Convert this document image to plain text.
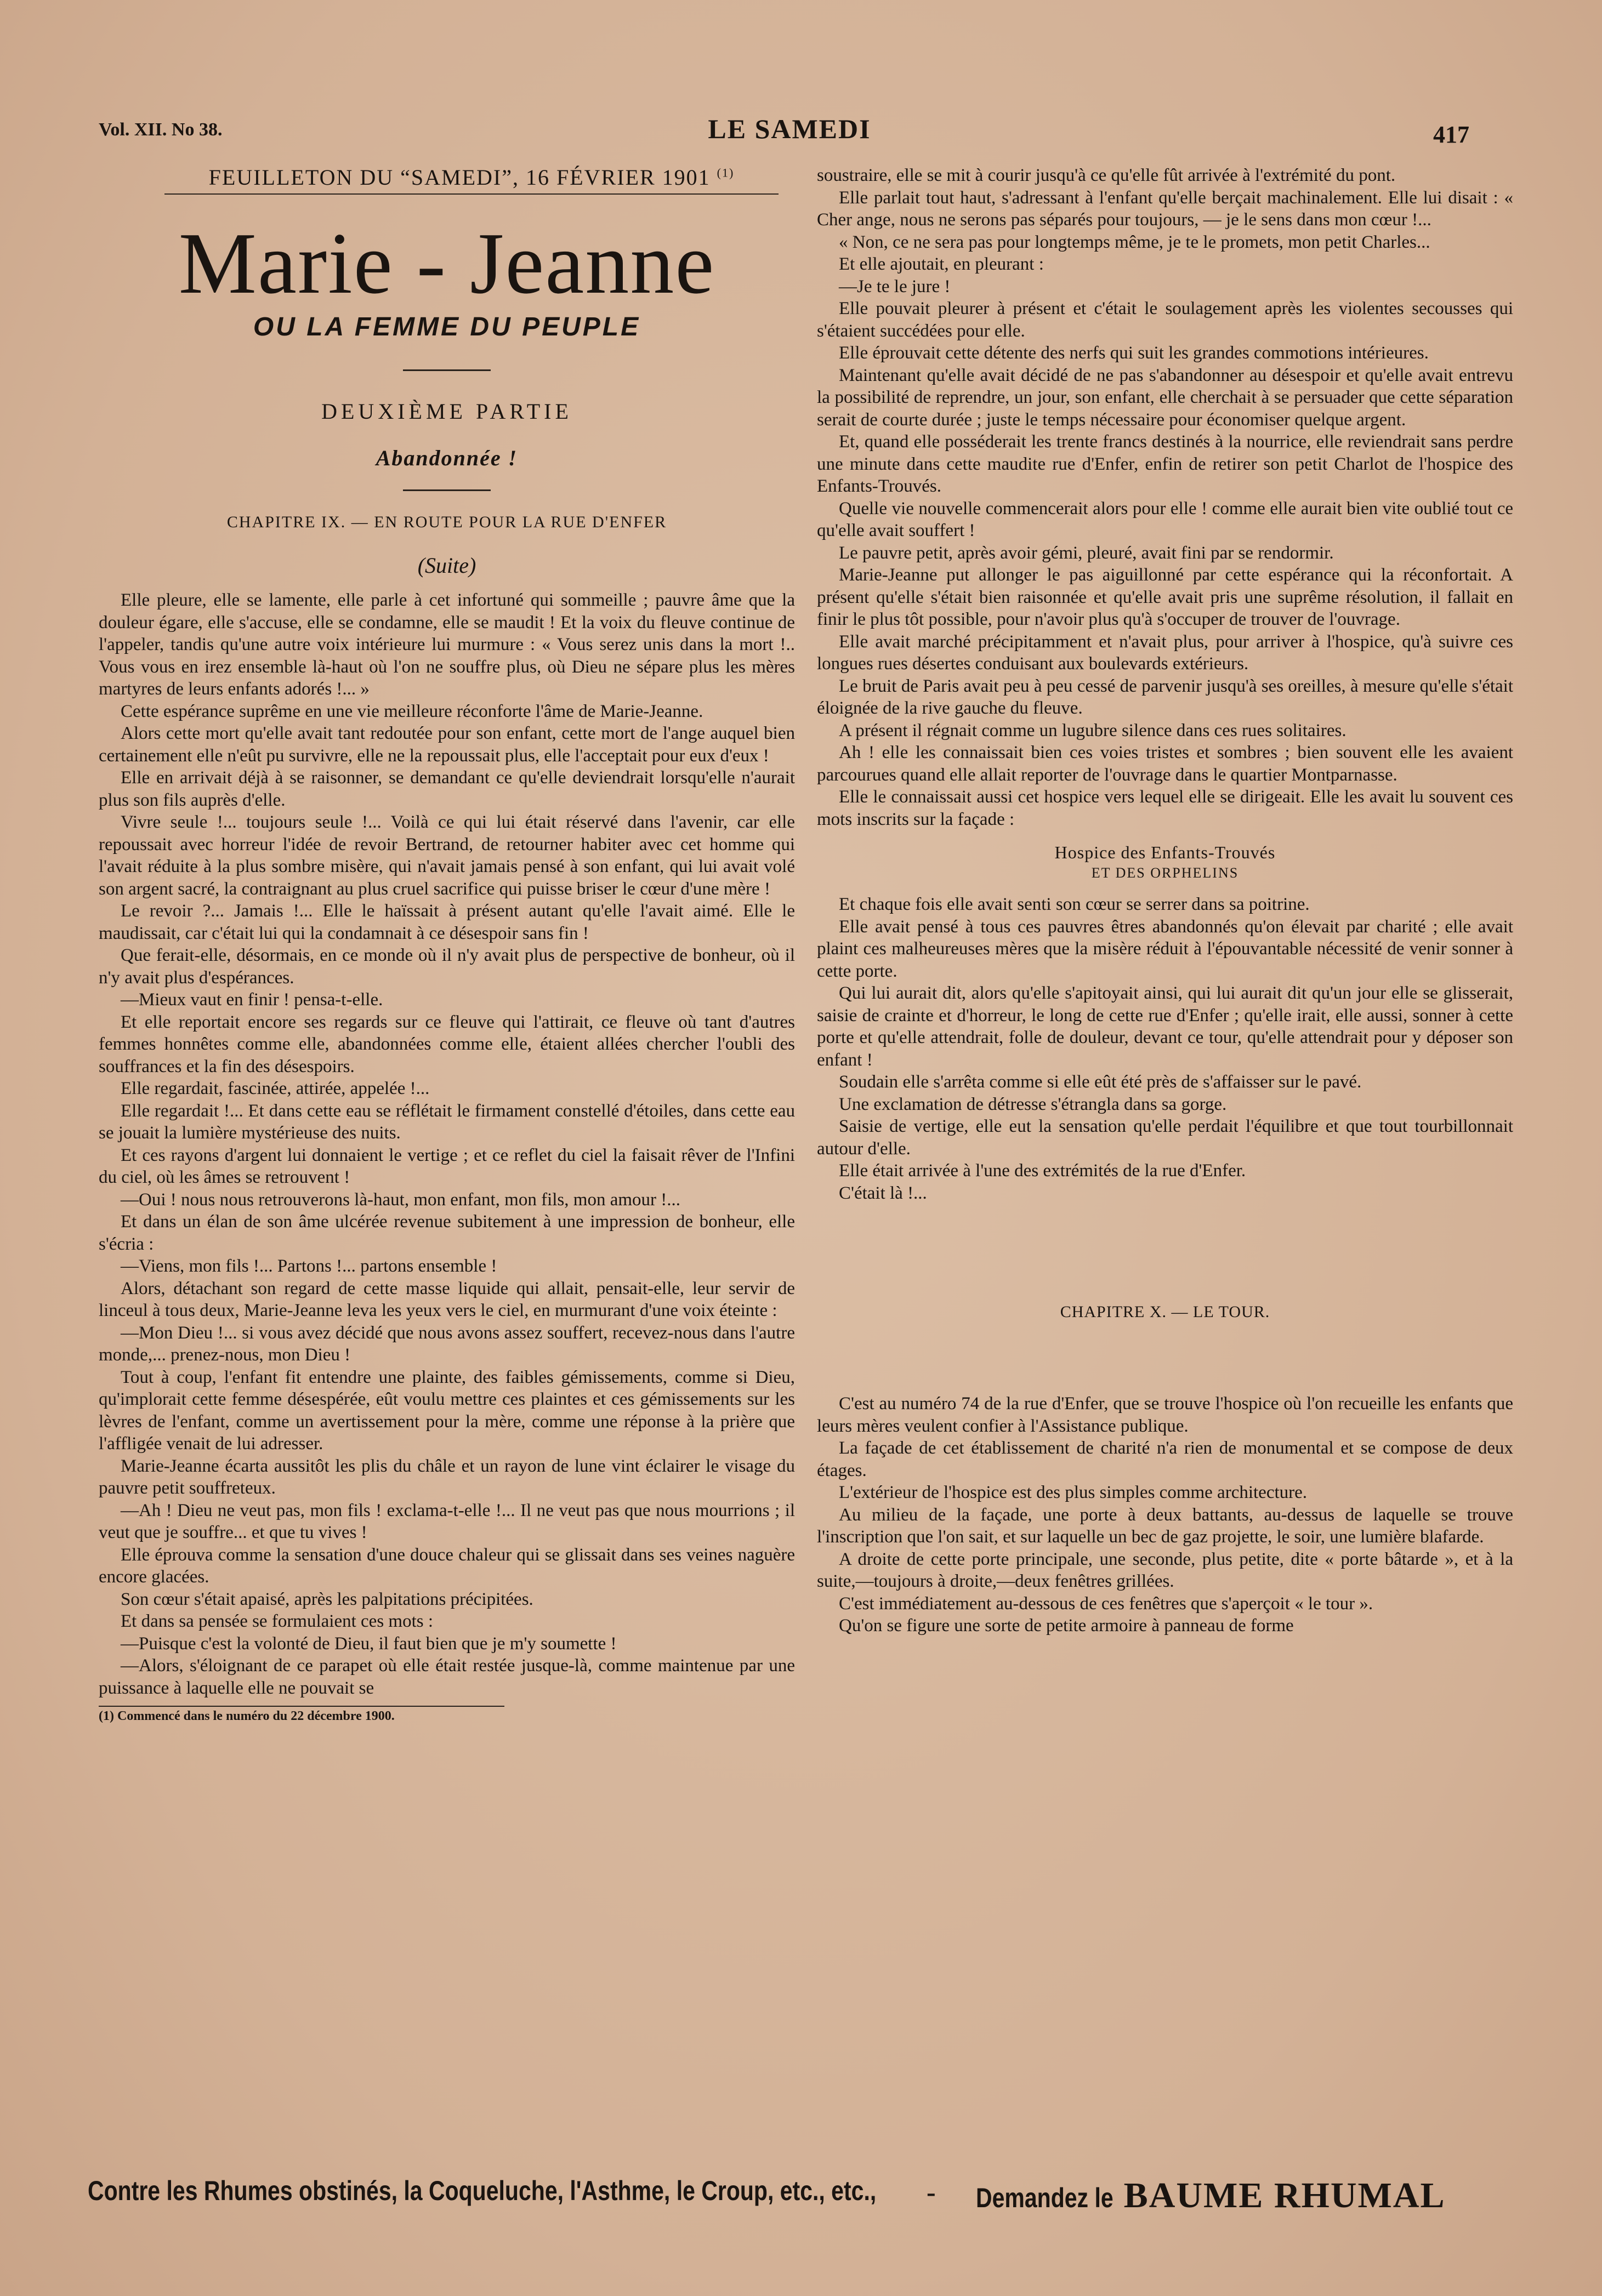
Vol. XII. No 38.	LE SAMEDI	417
FEUILLETON DU “SAMEDI”, 16 FÉVRIER 1901 $^{(1)}$
Marie - Jeanne
OU LA FEMME DU PEUPLE
DEUXIÈME PARTIE
Abandonnée !
CHAPITRE IX. — EN ROUTE POUR LA RUE D'ENFER
(Suite)

Elle pleure, elle se lamente, elle parle à cet infortuné qui sommeille ; pauvre âme que la douleur égare, elle s'accuse, elle se condamne, elle se maudit ! Et la voix du fleuve continue de l'appeler, tandis qu'une autre voix intérieure lui murmure : « Vous serez unis dans la mort !.. Vous vous en irez ensemble là-haut où l'on ne souffre plus, où Dieu ne sépare plus les mères martyres de leurs enfants adorés !... »

Cette espérance suprême en une vie meilleure réconforte l'âme de Marie-Jeanne.

Alors cette mort qu'elle avait tant redoutée pour son enfant, cette mort de l'ange auquel bien certainement elle n'eût pu survivre, elle ne la repoussait plus, elle l'acceptait pour eux d'eux !

Elle en arrivait déjà à se raisonner, se demandant ce qu'elle deviendrait lorsqu'elle n'aurait plus son fils auprès d'elle.

Vivre seule !... toujours seule !... Voilà ce qui lui était réservé dans l'avenir, car elle repoussait avec horreur l'idée de revoir Bertrand, de retourner habiter avec cet homme qui l'avait réduite à la plus sombre misère, qui n'avait jamais pensé à son enfant, qui lui avait volé son argent sacré, la contraignant au plus cruel sacrifice qui puisse briser le cœur d'une mère !

Le revoir ?... Jamais !... Elle le haïssait à présent autant qu'elle l'avait aimé. Elle le maudissait, car c'était lui qui la condamnait à ce désespoir sans fin !

Que ferait-elle, désormais, en ce monde où il n'y avait plus de perspective de bonheur, où il n'y avait plus d'espérances.

—Mieux vaut en finir ! pensa-t-elle.

Et elle reportait encore ses regards sur ce fleuve qui l'attirait, ce fleuve où tant d'autres femmes honnêtes comme elle, abandonnées comme elle, étaient allées chercher l'oubli des souffrances et la fin des désespoirs.

Elle regardait, fascinée, attirée, appelée !...

Elle regardait !... Et dans cette eau se réflétait le firmament constellé d'étoiles, dans cette eau se jouait la lumière mystérieuse des nuits.

Et ces rayons d'argent lui donnaient le vertige ; et ce reflet du ciel la faisait rêver de l'Infini du ciel, où les âmes se retrouvent !

—Oui ! nous nous retrouverons là-haut, mon enfant, mon fils, mon amour !...

Et dans un élan de son âme ulcérée revenue subitement à une impression de bonheur, elle s'écria :

—Viens, mon fils !... Partons !... partons ensemble !

Alors, détachant son regard de cette masse liquide qui allait, pensait-elle, leur servir de linceul à tous deux, Marie-Jeanne leva les yeux vers le ciel, en murmurant d'une voix éteinte :

—Mon Dieu !... si vous avez décidé que nous avons assez souffert, recevez-nous dans l'autre monde,... prenez-nous, mon Dieu !

Tout à coup, l'enfant fit entendre une plainte, des faibles gémissements, comme si Dieu, qu'implorait cette femme désespérée, eût voulu mettre ces plaintes et ces gémissements sur les lèvres de l'enfant, comme un avertissement pour la mère, comme une réponse à la prière que l'affligée venait de lui adresser.

Marie-Jeanne écarta aussitôt les plis du châle et un rayon de lune vint éclairer le visage du pauvre petit souffreteux.

—Ah ! Dieu ne veut pas, mon fils ! exclama-t-elle !... Il ne veut pas que nous mourrions ; il veut que je souffre... et que tu vives !

Elle éprouva comme la sensation d'une douce chaleur qui se glissait dans ses veines naguère encore glacées.

Son cœur s'était apaisé, après les palpitations précipitées.

Et dans sa pensée se formulaient ces mots :

—Puisque c'est la volonté de Dieu, il faut bien que je m'y soumette !

—Alors, s'éloignant de ce parapet où elle était restée jusque-là, comme maintenue par une puissance à laquelle elle ne pouvait se

(1) Commencé dans le numéro du 22 décembre 1900.

soustraire, elle se mit à courir jusqu'à ce qu'elle fût arrivée à l'extrémité du pont.

Elle parlait tout haut, s'adressant à l'enfant qu'elle berçait machinalement. Elle lui disait : « Cher ange, nous ne serons pas séparés pour toujours, — je le sens dans mon cœur !...

« Non, ce ne sera pas pour longtemps même, je te le promets, mon petit Charles...

Et elle ajoutait, en pleurant :

—Je te le jure !

Elle pouvait pleurer à présent et c'était le soulagement après les violentes secousses qui s'étaient succédées pour elle.

Elle éprouvait cette détente des nerfs qui suit les grandes commotions intérieures.

Maintenant qu'elle avait décidé de ne pas s'abandonner au désespoir et qu'elle avait entrevu la possibilité de reprendre, un jour, son enfant, elle cherchait à se persuader que cette séparation serait de courte durée ; juste le temps nécessaire pour économiser quelque argent.

Et, quand elle posséderait les trente francs destinés à la nourrice, elle reviendrait sans perdre une minute dans cette maudite rue d'Enfer, enfin de retirer son petit Charlot de l'hospice des Enfants-Trouvés.

Quelle vie nouvelle commencerait alors pour elle ! comme elle aurait bien vite oublié tout ce qu'elle avait souffert !

Le pauvre petit, après avoir gémi, pleuré, avait fini par se rendormir.

Marie-Jeanne put allonger le pas aiguillonné par cette espérance qui la réconfortait. A présent qu'elle s'était bien raisonnée et qu'elle avait pris une suprême résolution, il fallait en finir le plus tôt possible, pour n'avoir plus qu'à s'occuper de trouver de l'ouvrage.

Elle avait marché précipitamment et n'avait plus, pour arriver à l'hospice, qu'à suivre ces longues rues désertes conduisant aux boulevards extérieurs.

Le bruit de Paris avait peu à peu cessé de parvenir jusqu'à ses oreilles, à mesure qu'elle s'était éloignée de la rive gauche du fleuve.

A présent il régnait comme un lugubre silence dans ces rues solitaires.

Ah ! elle les connaissait bien ces voies tristes et sombres ; bien souvent elle les avaient parcourues quand elle allait reporter de l'ouvrage dans le quartier Montparnasse.

Elle le connaissait aussi cet hospice vers lequel elle se dirigeait. Elle les avait lu souvent ces mots inscrits sur la façade :

Hospice des Enfants-Trouvés
ET DES ORPHELINS

Et chaque fois elle avait senti son cœur se serrer dans sa poitrine.

Elle avait pensé à tous ces pauvres êtres abandonnés qu'on élevait par charité ; elle avait plaint ces malheureuses mères que la misère réduit à l'épouvantable nécessité de venir sonner à cette porte.

Qui lui aurait dit, alors qu'elle s'apitoyait ainsi, qui lui aurait dit qu'un jour elle se glisserait, saisie de crainte et d'horreur, le long de cette rue d'Enfer ; qu'elle irait, elle aussi, sonner à cette porte et qu'elle attendrait, folle de douleur, devant ce tour, qu'elle attendrait pour y déposer son enfant !

Soudain elle s'arrêta comme si elle eût été près de s'affaisser sur le pavé.

Une exclamation de détresse s'étrangla dans sa gorge.

Saisie de vertige, elle eut la sensation qu'elle perdait l'équilibre et que tout tourbillonnait autour d'elle.

Elle était arrivée à l'une des extrémités de la rue d'Enfer.

C'était là !...

CHAPITRE X. — LE TOUR.

C'est au numéro 74 de la rue d'Enfer, que se trouve l'hospice où l'on recueille les enfants que leurs mères veulent confier à l'Assistance publique.

La façade de cet établissement de charité n'a rien de monumental et se compose de deux étages.

L'extérieur de l'hospice est des plus simples comme architecture.

Au milieu de la façade, une porte à deux battants, au-dessus de laquelle se trouve l'inscription que l'on sait, et sur laquelle un bec de gaz projette, le soir, une lumière blafarde.

A droite de cette porte principale, une seconde, plus petite, dite « porte bâtarde », et à la suite,—toujours à droite,—deux fenêtres grillées.

C'est immédiatement au-dessous de ces fenêtres que s'aperçoit « le tour ».

Qu'on se figure une sorte de petite armoire à panneau de forme

Contre les Rhumes obstinés, la Coqueluche, l'Asthme, le Croup, etc., etc., - Demandez le BAUME RHUMAL
